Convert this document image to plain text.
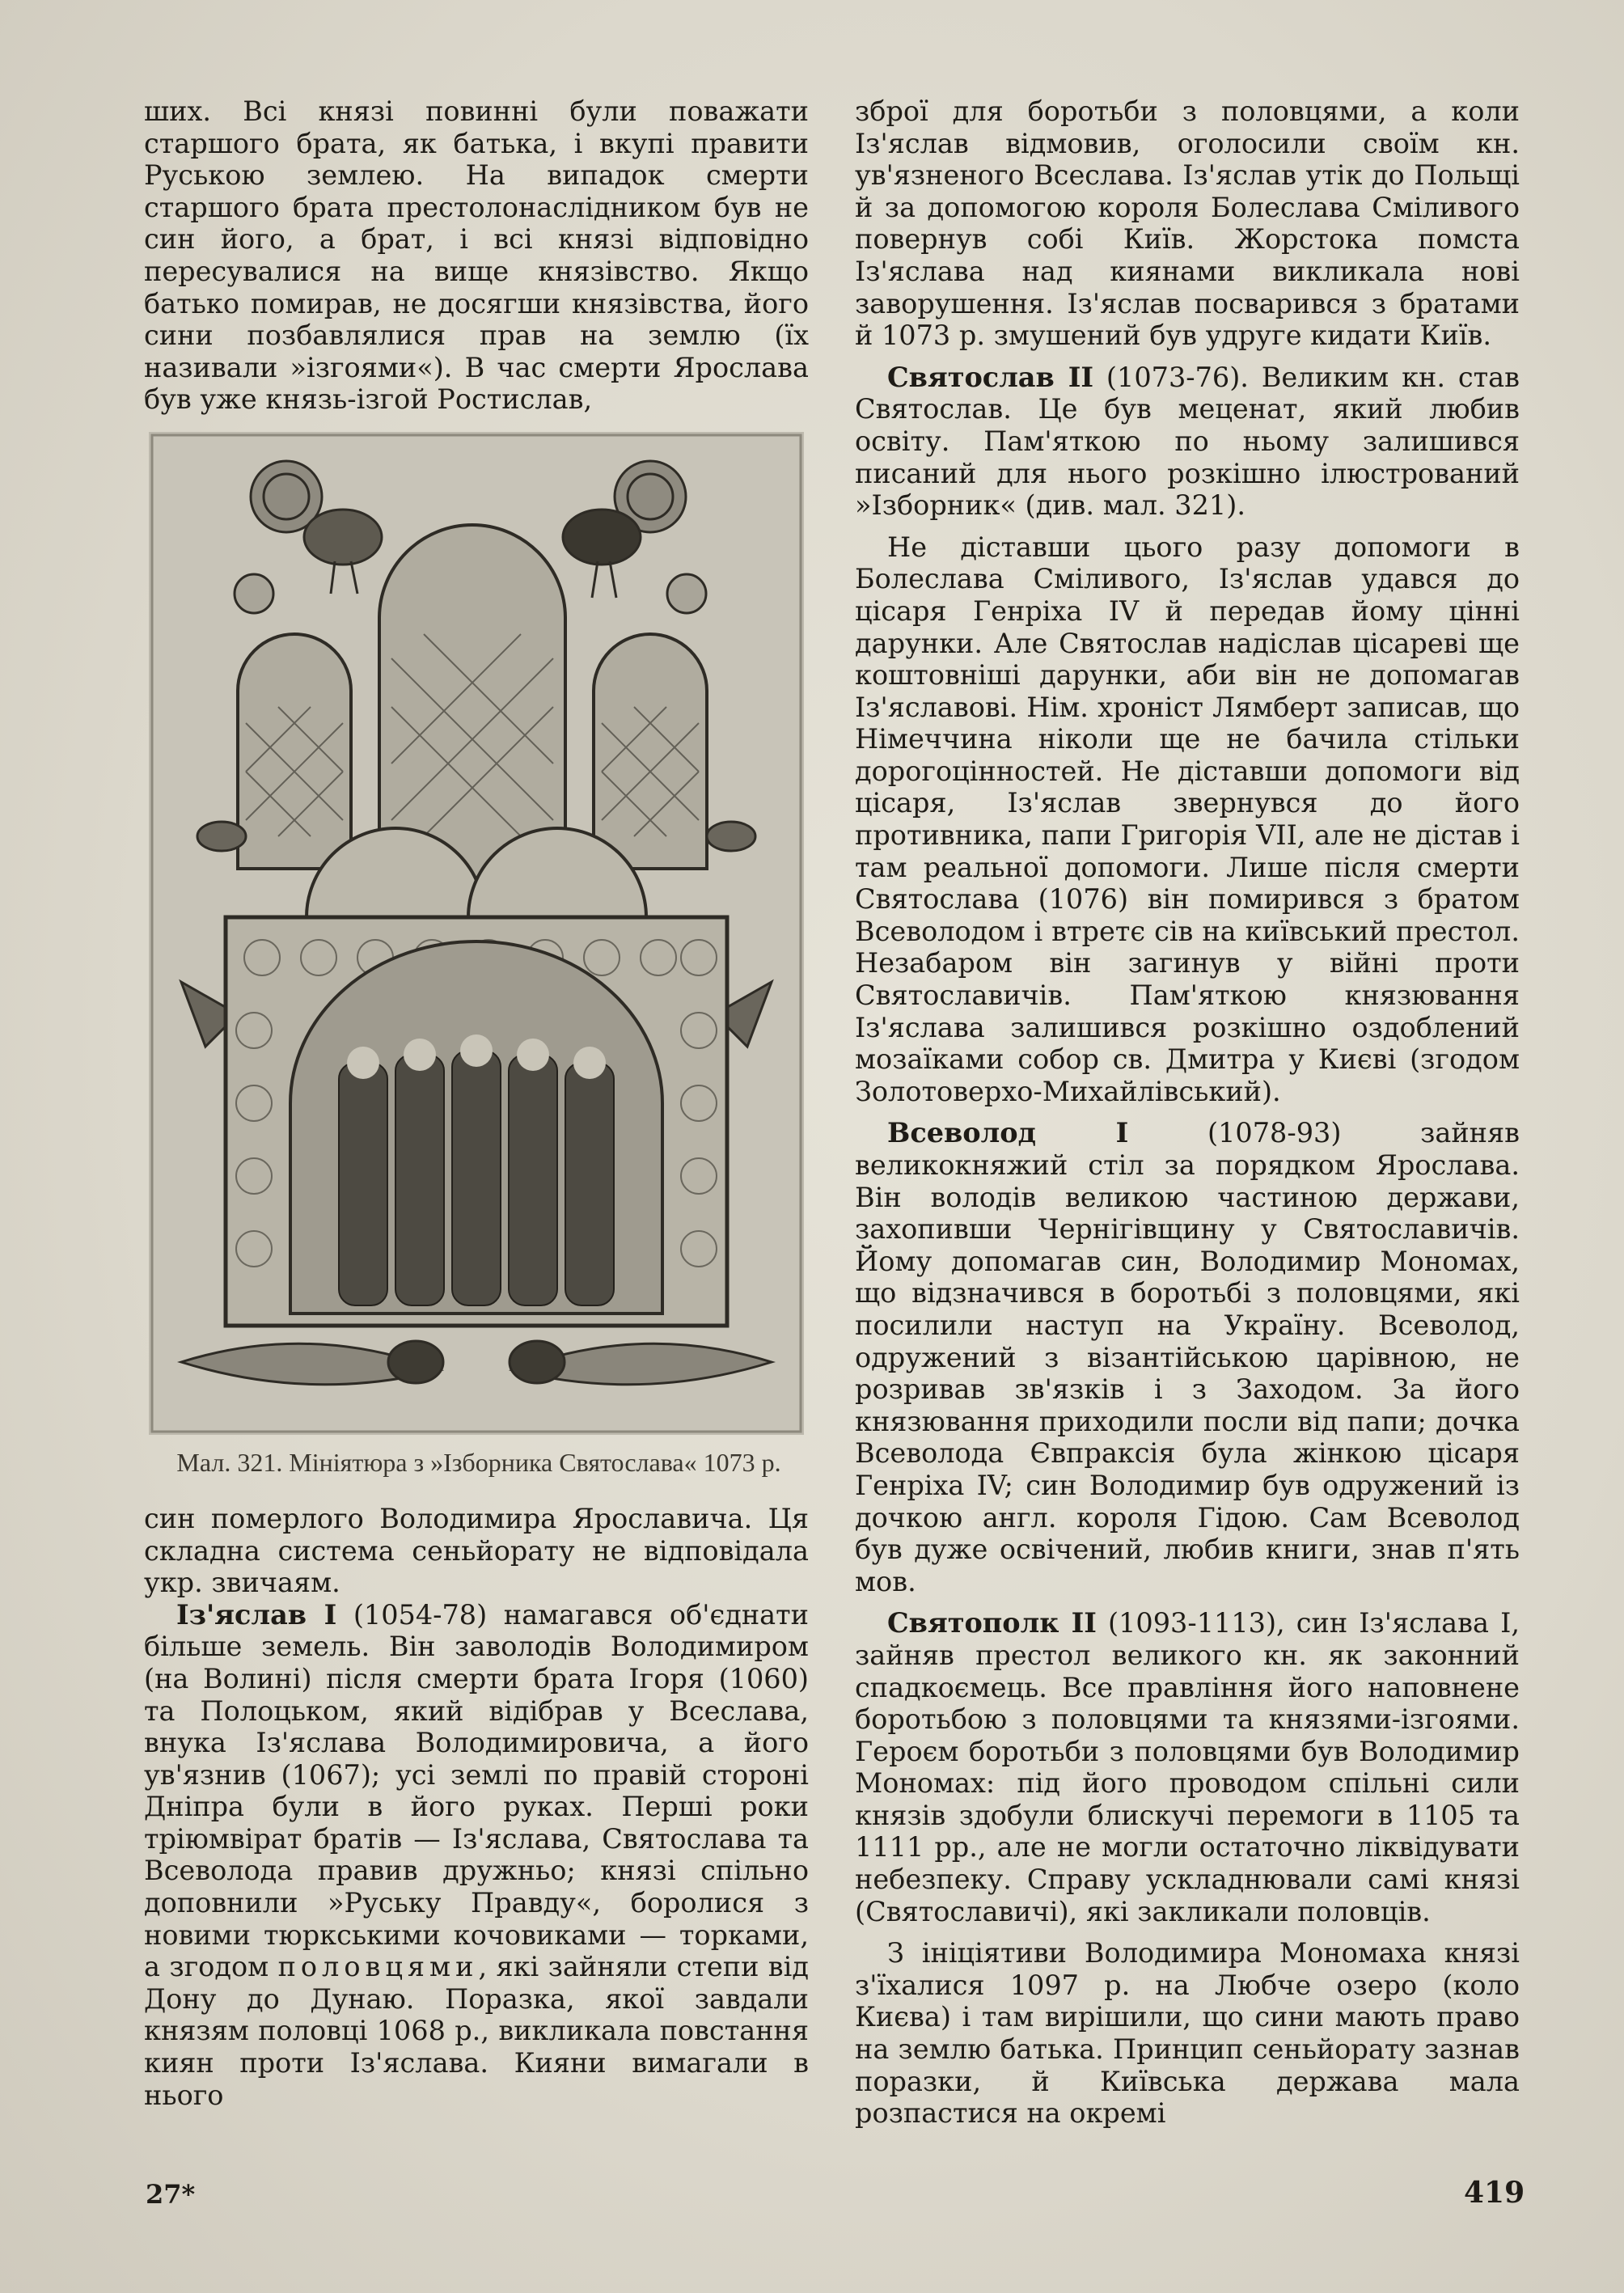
ших. Всі князі повинні були поважати старшого брата, як батька, і вкупі правити Руською землею. На випадок смерти старшого брата престолонаслідником був не син його, а брат, і всі князі відповідно пересувалися на вище князівство. Якщо батько помирав, не досягши князівства, його сини позбавлялися прав на землю (їх називали »ізгоями«). В час смерти Ярослава був уже князь-ізгой Ростислав,

Мал. 321. Мініятюра з »Ізборника Святослава« 1073 р.

син померлого Володимира Ярославича. Ця складна система сеньйорату не відповідала укр. звичаям.

Із'яслав І (1054-78) намагався об'єднати більше земель. Він заволодів Володимиром (на Волині) після смерти брата Ігоря (1060) та Полоцьком, який відібрав у Всеслава, внука Із'яслава Володимировича, а його ув'язнив (1067); усі землі по правій стороні Дніпра були в його руках. Перші роки тріюмвірат братів — Із'яслава, Святослава та Всеволода правив дружньо; князі спільно доповнили »Руську Правду«, боролися з новими тюркськими кочовиками — торками, а згодом половцями, які зайняли степи від Дону до Дунаю. Поразка, якої завдали князям половці 1068 р., викликала повстання киян проти Із'яслава. Кияни вимагали в нього

зброї для боротьби з половцями, а коли Із'яслав відмовив, оголосили своїм кн. ув'язненого Всеслава. Із'яслав утік до Польщі й за допомогою короля Болеслава Сміливого повернув собі Київ. Жорстока помста Із'яслава над киянами викликала нові заворушення. Із'яслав посварився з братами й 1073 р. змушений був удруге кидати Київ.

Святослав II (1073-76). Великим кн. став Святослав. Це був меценат, який любив освіту. Пам'яткою по ньому залишився писаний для нього розкішно ілюстрований »Ізборник« (див. мал. 321).

Не діставши цього разу допомоги в Болеслава Сміливого, Із'яслав удався до цісаря Генріха IV й передав йому цінні дарунки. Але Святослав надіслав цісареві ще коштовніші дарунки, аби він не допомагав Із'яславові. Нім. хроніст Лямберт записав, що Німеччина ніколи ще не бачила стільки дорогоцінностей. Не діставши допомоги від цісаря, Із'яслав звернувся до його противника, папи Григорія VII, але не дістав і там реальної допомоги. Лише після смерти Святослава (1076) він помирився з братом Всеволодом і втретє сів на київський престол. Незабаром він загинув у війні проти Святославичів. Пам'яткою князювання Із'яслава залишився розкішно оздоблений мозаїками собор св. Дмитра у Києві (згодом Золотоверхо-Михайлівський).

Всеволод І (1078-93) зайняв великокняжий стіл за порядком Ярослава. Він володів великою частиною держави, захопивши Чернігівщину у Святославичів. Йому допомагав син, Володимир Мономах, що відзначився в боротьбі з половцями, які посилили наступ на Україну. Всеволод, одружений з візантійською царівною, не розривав зв'язків і з Заходом. За його князювання приходили посли від папи; дочка Всеволода Євпраксія була жінкою цісаря Генріха IV; син Володимир був одружений із дочкою англ. короля Гідою. Сам Всеволод був дуже освічений, любив книги, знав п'ять мов.

Святополк II (1093-1113), син Із'яслава І, зайняв престол великого кн. як законний спадкоємець. Все правління його наповнене боротьбою з половцями та князями-ізгоями. Героєм боротьби з половцями був Володимир Мономах: під його проводом спільні сили князів здобули блискучі перемоги в 1105 та 1111 рр., але не могли остаточно ліквідувати небезпеку. Справу ускладнювали самі князі (Святославичі), які закликали половців.

З ініціятиви Володимира Мономаха князі з'їхалися 1097 р. на Любче озеро (коло Києва) і там вирішили, що сини мають право на землю батька. Принцип сеньйорату зазнав поразки, й Київська держава мала розпастися на окремі

27*	419
